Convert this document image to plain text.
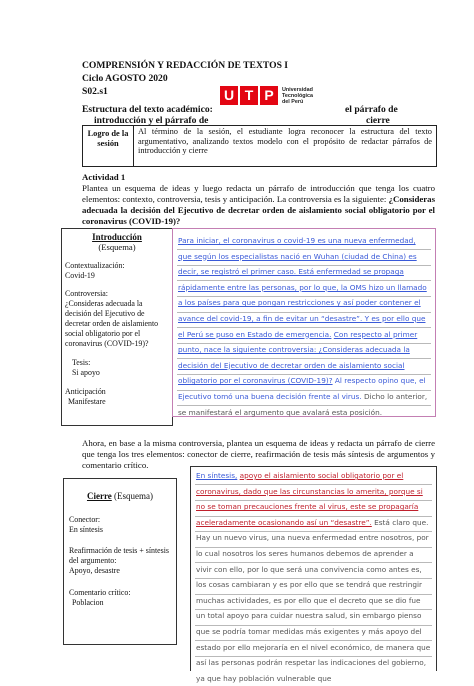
COMPRENSIÓN Y REDACCIÓN DE TEXTOS I
Ciclo AGOSTO 2020
S02.s1
Estructura del texto académico:
introducción y el párrafo de
el párrafo de
cierre
U T P	Universidad
Tecnológica
del Perú
Logro de la sesión
Al término de la sesión, el estudiante logra reconocer la estructura del texto argumentativo, analizando textos modelo con el propósito de redactar párrafos de introducción y cierre
Actividad 1
Plantea un esquema de ideas y luego redacta un párrafo de introducción que tenga los cuatro elementos: contexto, controversia, tesis y anticipación. La controversia es la siguiente: ¿Consideras adecuada la decisión del Ejecutivo de decretar orden de aislamiento social obligatorio por el coronavirus (COVID-19)?
Introducción
(Esquema)
Contextualización:
Covid-19
Controversia:
¿Consideras adecuada la decisión del Ejecutivo de decretar orden de aislamiento social obligatorio por el coronavirus (COVID-19)?
Tesis:
Si apoyo
Anticipación
Manifestare
Para iniciar, el coronavirus o covid-19 es una nueva enfermedad, que según los especialistas nació en Wuhan (ciudad de China) es decir, se registró el primer caso. Está enfermedad se propaga rápidamente entre las personas, por lo que, la OMS hizo un llamado a los países para que pongan restricciones y así poder contener el avance del covid-19, a fin de evitar un “desastre”. Y es por ello que el Perú se puso en Estado de emergencia. Con respecto al primer punto, nace la siguiente controversia: ¿Consideras adecuada la decisión del Ejecutivo de decretar orden de aislamiento social obligatorio por el coronavirus (COVID-19)? Al respecto opino que, el Ejecutivo tomó una buena decisión frente al virus. Dicho lo anterior, se manifestará el argumento que avalará esta posición.
Ahora, en base a la misma controversia, plantea un esquema de ideas y redacta un párrafo de cierre que tenga los tres elementos: conector de cierre, reafirmación de tesis más síntesis de argumentos y comentario crítico.
Cierre (Esquema)
Conector:
En síntesis
Reafirmación de tesis + síntesis del argumento:
Apoyo, desastre
Comentario crítico:
Poblacion
En síntesis, apoyo el aislamiento social obligatorio por el coronavirus, dado que las circunstancias lo amerita, porque si no se toman precauciones frente al virus, este se propagaría aceleradamente ocasionando así un “desastre”. Está claro que. Hay un nuevo virus, una nueva enfermedad entre nosotros, por lo cual nosotros los seres humanos debemos de aprender a vivir con ello, por lo que será una convivencia como antes es, los cosas cambiaran y es por ello que se tendrá que restringir muchas actividades, es por ello que el decreto que se dio fue un total apoyo para cuidar nuestra salud, sin embargo pienso que se podría tomar medidas más exigentes y más apoyo del estado por ello mejoraría en el nivel económico, de manera que así las personas podrán respetar las indicaciones del gobierno, ya que hay población vulnerable que
